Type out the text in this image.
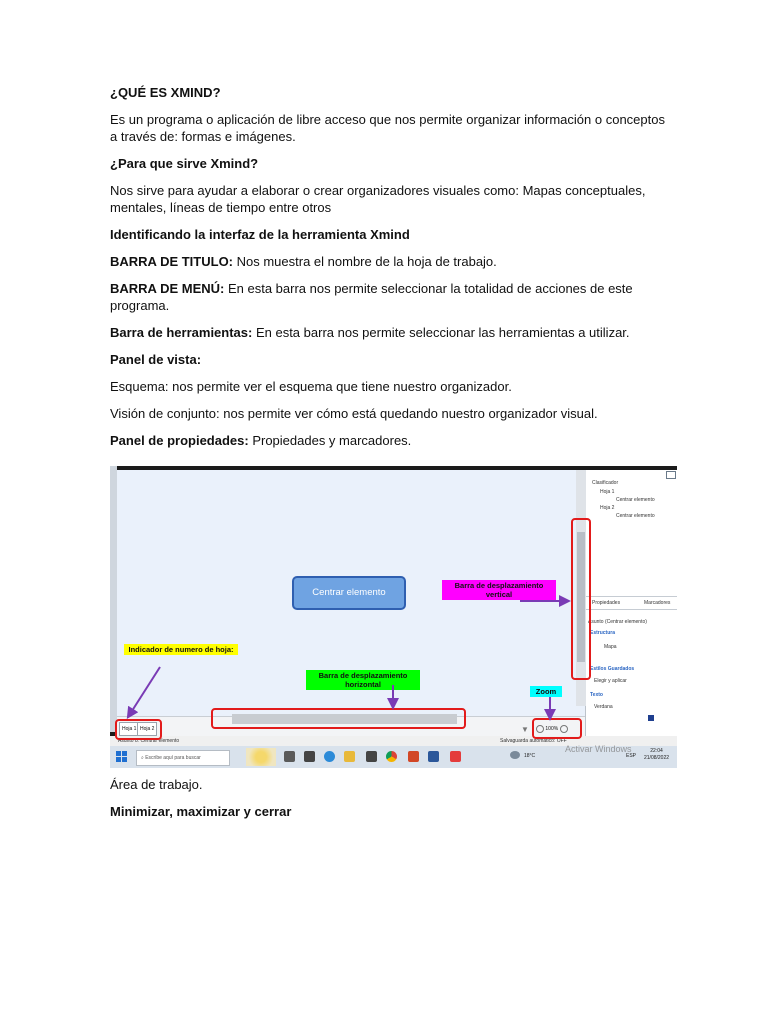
¿QUÉ ES XMIND?

Es un programa o aplicación de libre acceso que nos permite organizar información o conceptos a través de: formas e imágenes.

¿Para que sirve Xmind?

Nos sirve para ayudar a elaborar o crear organizadores visuales como: Mapas conceptuales, mentales, líneas de tiempo entre otros

Identificando la interfaz de la herramienta Xmind

BARRA DE TITULO: Nos muestra el nombre de la hoja de trabajo.

BARRA DE MENÚ: En esta barra nos permite seleccionar la totalidad de acciones de este programa.

Barra de herramientas: En esta barra nos permite seleccionar las herramientas a utilizar.

Panel de vista:

Esquema: nos permite ver el esquema que tiene nuestro organizador.

Visión de conjunto: nos permite ver cómo está quedando nuestro organizador visual.

Panel de propiedades: Propiedades y marcadores.

Clasificador
Hoja 1
Centrar elemento
Hoja 2
Centrar elemento
Propiedades	Marcadores
Asunto (Centrar elemento)
Estructura
Mapa
Estilos Guardados
Elegir y aplicar
Texto
Verdana
Hoja 1 Hoja 2	▼	100%
Asunto 8: Centrar elemento	Salvaguarda automático: OFF
⌕ Escribe aquí para buscar	18°C
Activar Windows
ESP
22:04
21/08/2022
Centrar elemento
Indicador de numero de hoja:
Barra de desplazamiento horizontal
Barra de desplazamiento vertical
Zoom

Área de trabajo.

Minimizar, maximizar y cerrar
